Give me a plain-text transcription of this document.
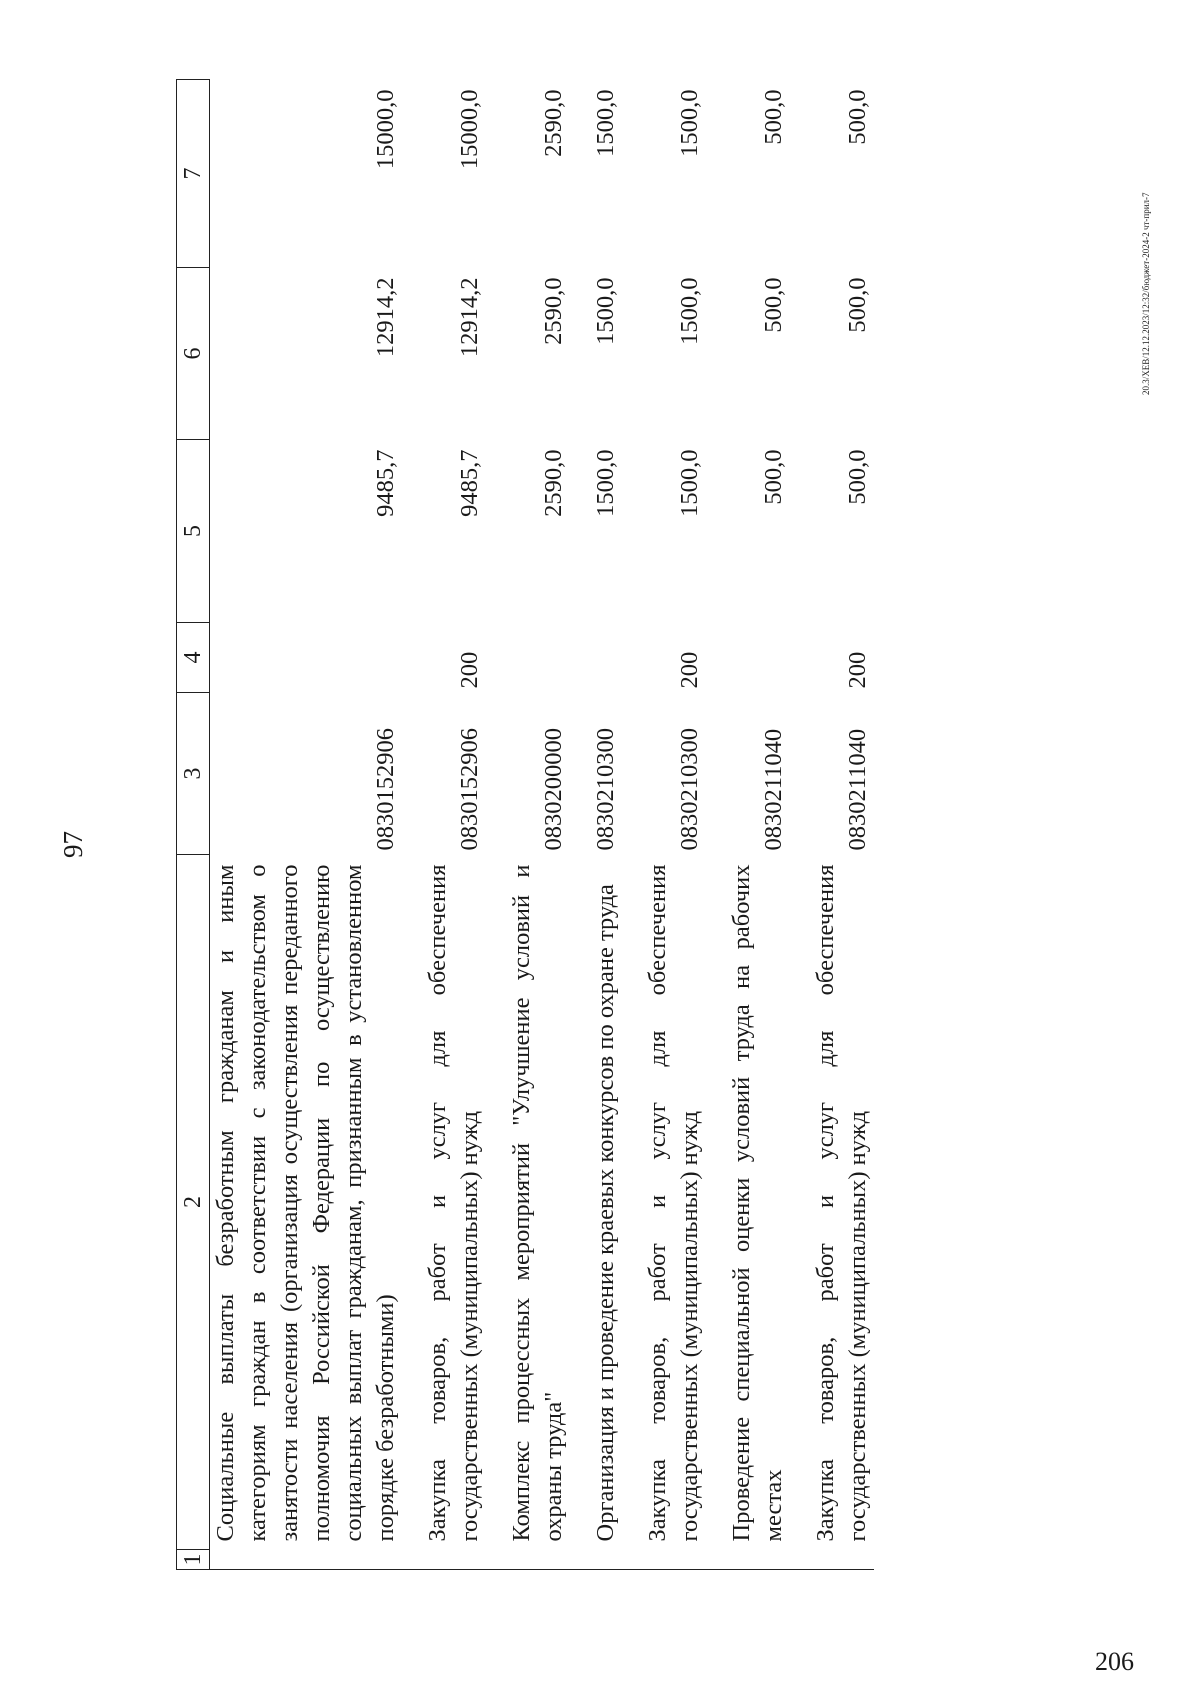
97
1	2	3	4	5	6	7
	Социальные выплаты безработным гражданам и иным категориям граждан в соответствии с законодательством о занятости населения (организация осуществления переданного полномочия Российской Федерации по осуществлению социальных выплат гражданам, признанным в установленном порядке безработными)	0830152906		9485,7	12914,2	15000,0

	Закупка товаров, работ и услуг для обеспечения государственных (муниципальных) нужд	0830152906	200	9485,7	12914,2	15000,0

	Комплекс процессных мероприятий "Улучшение условий и охраны труда"	0830200000		2590,0	2590,0	2590,0

	Организация и проведение краевых конкурсов по охране труда	0830210300		1500,0	1500,0	1500,0

	Закупка товаров, работ и услуг для обеспечения государственных (муниципальных) нужд	0830210300	200	1500,0	1500,0	1500,0

	Проведение специальной оценки условий труда на рабочих местах	0830211040		500,0	500,0	500,0

	Закупка товаров, работ и услуг для обеспечения государственных (муниципальных) нужд	0830211040	200	500,0	500,0	500,0
20.3/ХЕВ/12.12.2023/12:32/бюджет-2024-2 чт-прил-7
206
